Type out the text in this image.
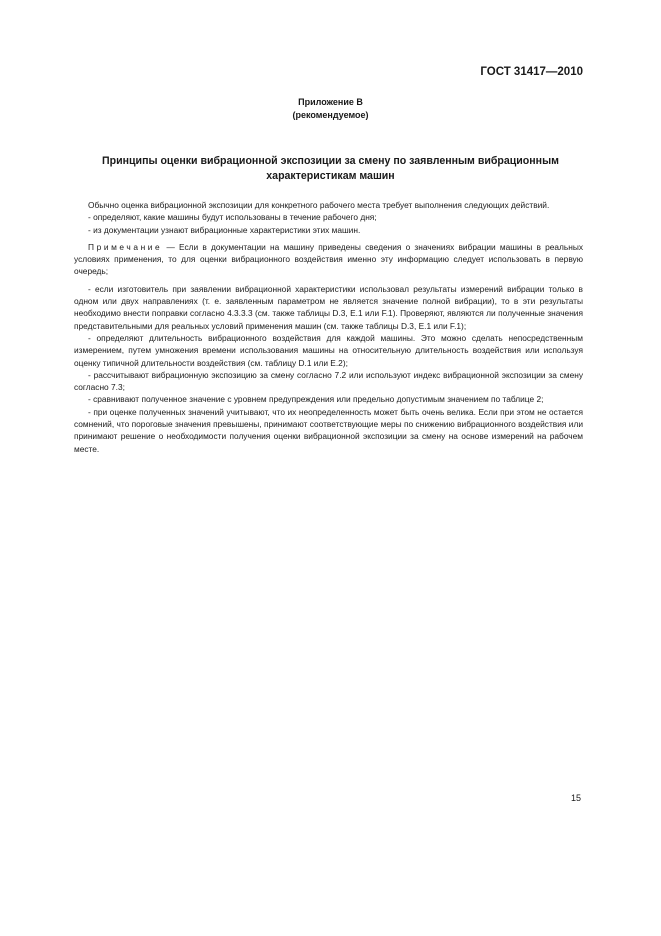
ГОСТ 31417—2010
Приложение В
(рекомендуемое)
Принципы оценки вибрационной экспозиции за смену по заявленным вибрационным
характеристикам машин

Обычно оценка вибрационной экспозиции для конкретного рабочего места требует выполнения следующих действий.

- определяют, какие машины будут использованы в течение рабочего дня;

- из документации узнают вибрационные характеристики этих машин.

Примечание — Если в документации на машину приведены сведения о значениях вибрации машины в реальных условиях применения, то для оценки вибрационного воздействия именно эту информацию следует использовать в первую очередь;

- если изготовитель при заявлении вибрационной характеристики использовал результаты измерений вибрации только в одном или двух направлениях (т. е. заявленным параметром не является значение полной вибрации), то в эти результаты необходимо внести поправки согласно 4.3.3.3 (см. также таблицы D.3, E.1 или F.1). Проверяют, являются ли полученные значения представительными для реальных условий применения машин (см. также таблицы D.3, E.1 или F.1);

- определяют длительность вибрационного воздействия для каждой машины. Это можно сделать непосредственным измерением, путем умножения времени использования машины на относительную длительность воздействия или используя оценку типичной длительности воздействия (см. таблицу D.1 или E.2);

- рассчитывают вибрационную экспозицию за смену согласно 7.2 или используют индекс вибрационной экспозиции за смену согласно 7.3;

- сравнивают полученное значение с уровнем предупреждения или предельно допустимым значением по таблице 2;

- при оценке полученных значений учитывают, что их неопределенность может быть очень велика. Если при этом не остается сомнений, что пороговые значения превышены, принимают соответствующие меры по снижению вибрационного воздействия или принимают решение о необходимости получения оценки вибрационной экспозиции за смену на основе измерений на рабочем месте.

15
